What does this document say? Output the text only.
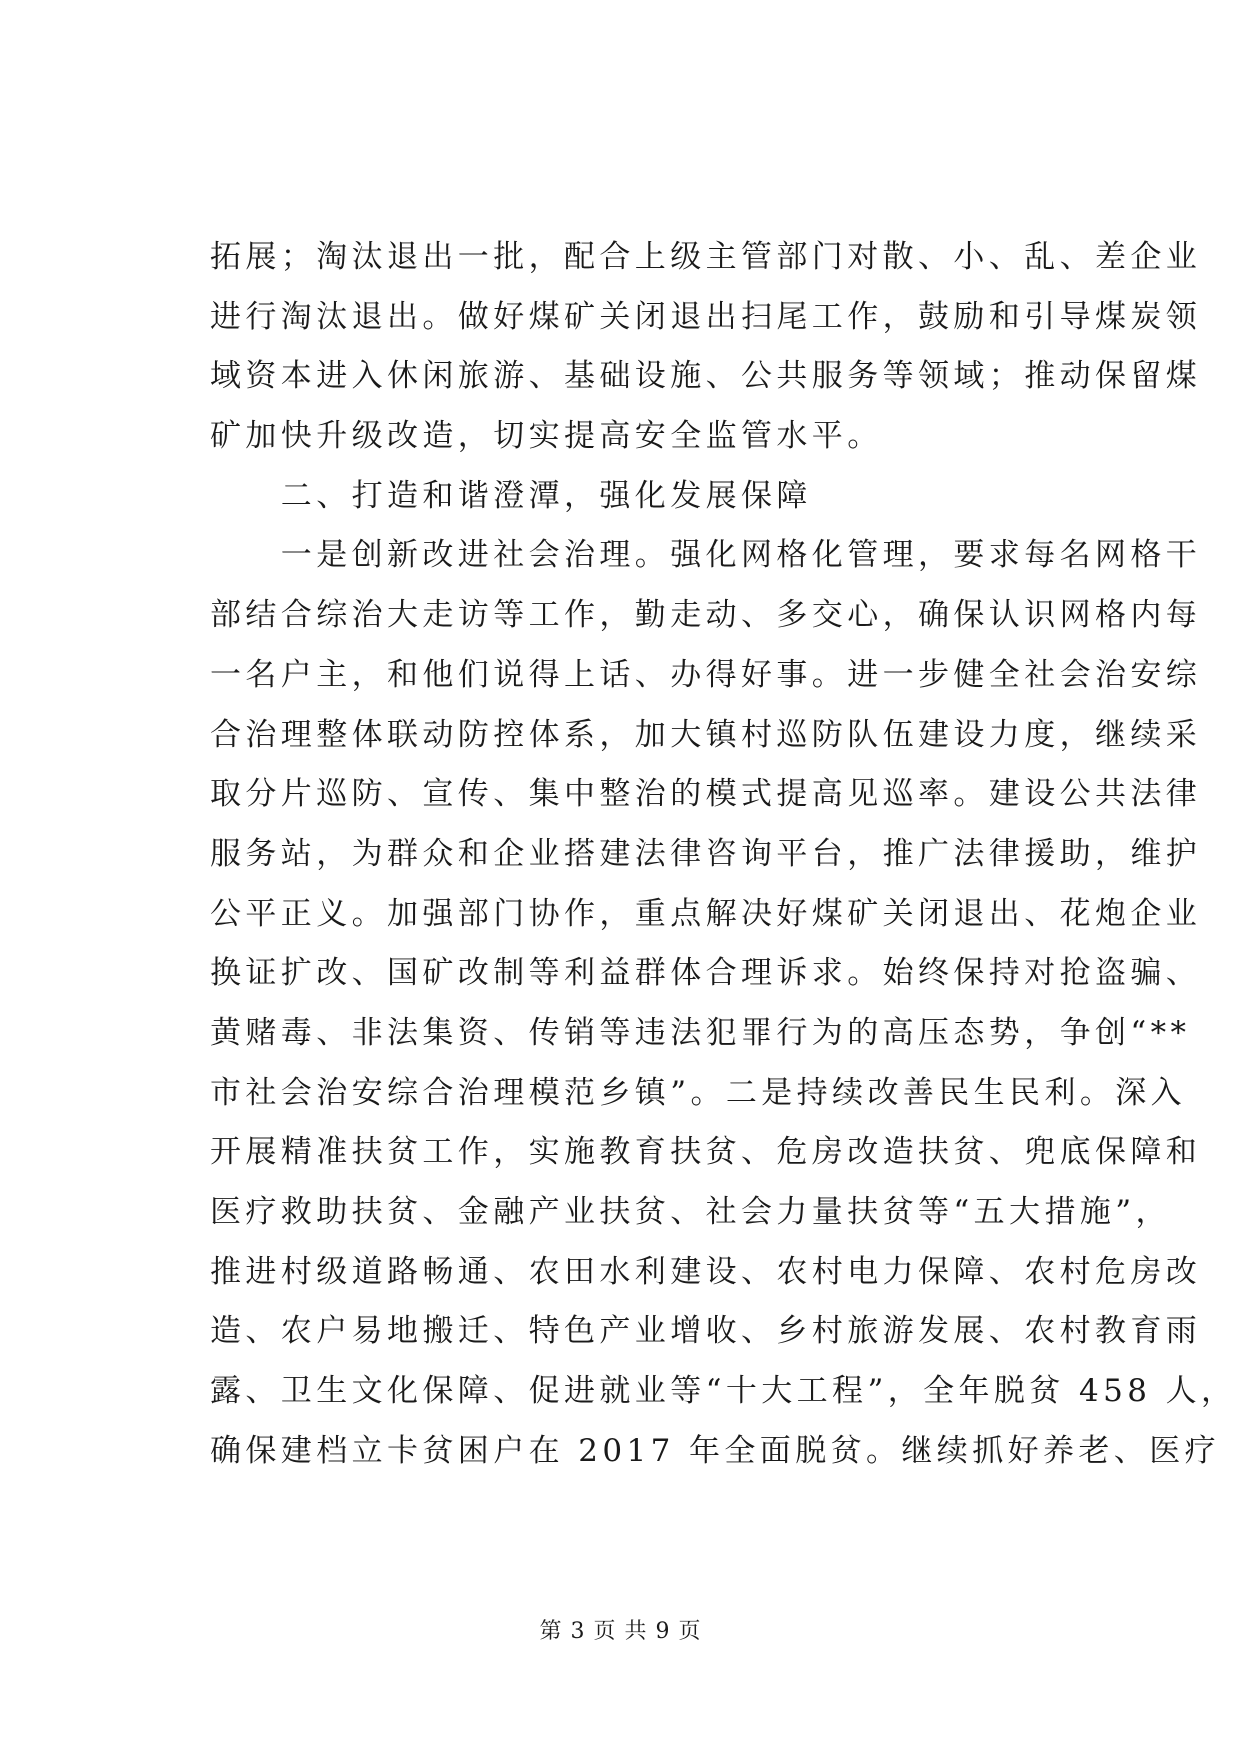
拓展；淘汰退出一批，配合上级主管部门对散、小、乱、差企业
进行淘汰退出。做好煤矿关闭退出扫尾工作，鼓励和引导煤炭领
域资本进入休闲旅游、基础设施、公共服务等领域；推动保留煤
矿加快升级改造，切实提高安全监管水平。
　　二、打造和谐澄潭，强化发展保障
　　一是创新改进社会治理。强化网格化管理，要求每名网格干
部结合综治大走访等工作，勤走动、多交心，确保认识网格内每
一名户主，和他们说得上话、办得好事。进一步健全社会治安综
合治理整体联动防控体系，加大镇村巡防队伍建设力度，继续采
取分片巡防、宣传、集中整治的模式提高见巡率。建设公共法律
服务站，为群众和企业搭建法律咨询平台，推广法律援助，维护
公平正义。加强部门协作，重点解决好煤矿关闭退出、花炮企业
换证扩改、国矿改制等利益群体合理诉求。始终保持对抢盗骗、
黄赌毒、非法集资、传销等违法犯罪行为的高压态势，争创“**
市社会治安综合治理模范乡镇”。二是持续改善民生民利。深入
开展精准扶贫工作，实施教育扶贫、危房改造扶贫、兜底保障和
医疗救助扶贫、金融产业扶贫、社会力量扶贫等“五大措施”，
推进村级道路畅通、农田水利建设、农村电力保障、农村危房改
造、农户易地搬迁、特色产业增收、乡村旅游发展、农村教育雨
露、卫生文化保障、促进就业等“十大工程”，全年脱贫 458 人，
确保建档立卡贫困户在 2017 年全面脱贫。继续抓好养老、医疗
第 3 页 共 9 页
